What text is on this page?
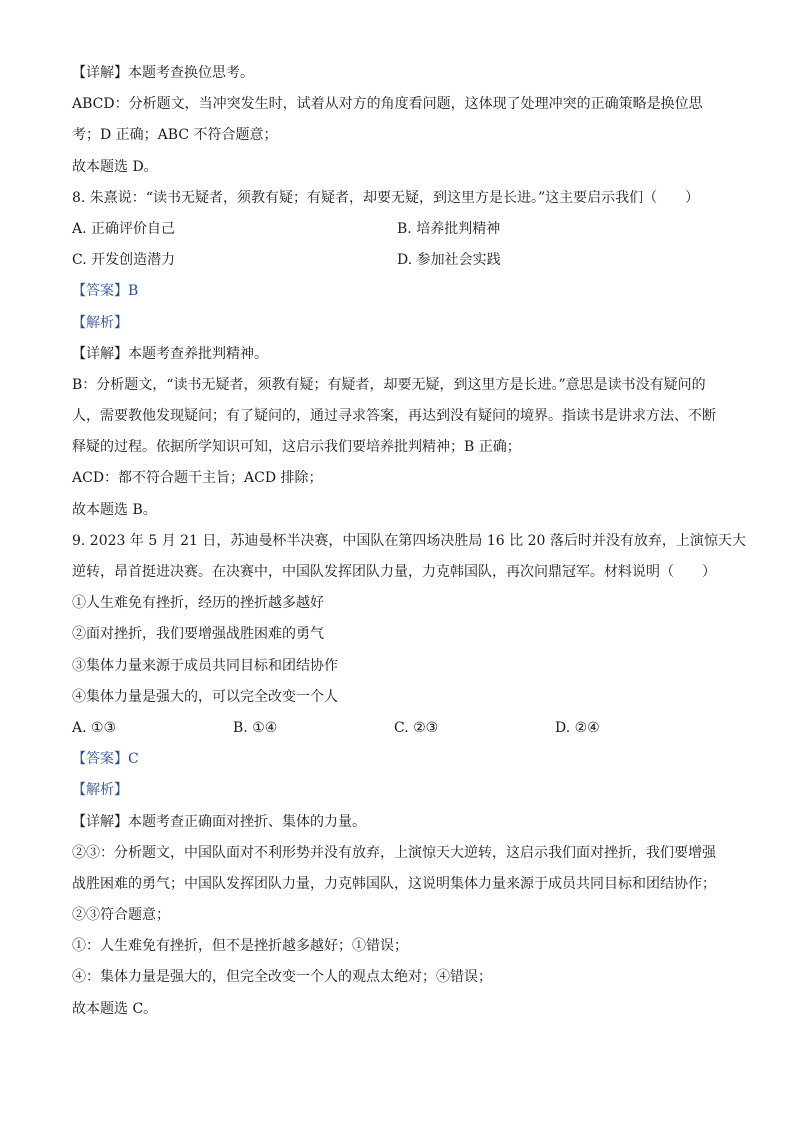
【详解】本题考查换位思考。
ABCD：分析题文，当冲突发生时，试着从对方的角度看问题，这体现了处理冲突的正确策略是换位思
考；D 正确；ABC 不符合题意；
故本题选 D。
8. 朱熹说：“读书无疑者，须教有疑；有疑者，却要无疑，到这里方是长进。”这主要启示我们（　　）
A. 正确评价自己	B. 培养批判精神
C. 开发创造潜力	D. 参加社会实践
【答案】B
【解析】
【详解】本题考查养批判精神。
B：分析题文，“读书无疑者，须教有疑；有疑者，却要无疑，到这里方是长进。”意思是读书没有疑问的
人，需要教他发现疑问；有了疑问的，通过寻求答案，再达到没有疑问的境界。指读书是讲求方法、不断
释疑的过程。依据所学知识可知，这启示我们要培养批判精神；B 正确；
ACD：都不符合题干主旨；ACD 排除；
故本题选 B。
9. 2023 年 5 月 21 日，苏迪曼杯半决赛，中国队在第四场决胜局 16 比 20 落后时并没有放弃，上演惊天大
逆转，昂首挺进决赛。在决赛中，中国队发挥团队力量，力克韩国队，再次问鼎冠军。材料说明（　　）
①人生难免有挫折，经历的挫折越多越好
②面对挫折，我们要增强战胜困难的勇气
③集体力量来源于成员共同目标和团结协作
④集体力量是强大的，可以完全改变一个人
A. ①③	B. ①④	C. ②③	D. ②④
【答案】C
【解析】
【详解】本题考查正确面对挫折、集体的力量。
②③：分析题文，中国队面对不利形势并没有放弃，上演惊天大逆转，这启示我们面对挫折，我们要增强
战胜困难的勇气；中国队发挥团队力量，力克韩国队，这说明集体力量来源于成员共同目标和团结协作；
②③符合题意；
①：人生难免有挫折，但不是挫折越多越好；①错误；
④：集体力量是强大的，但完全改变一个人的观点太绝对；④错误；
故本题选 C。
